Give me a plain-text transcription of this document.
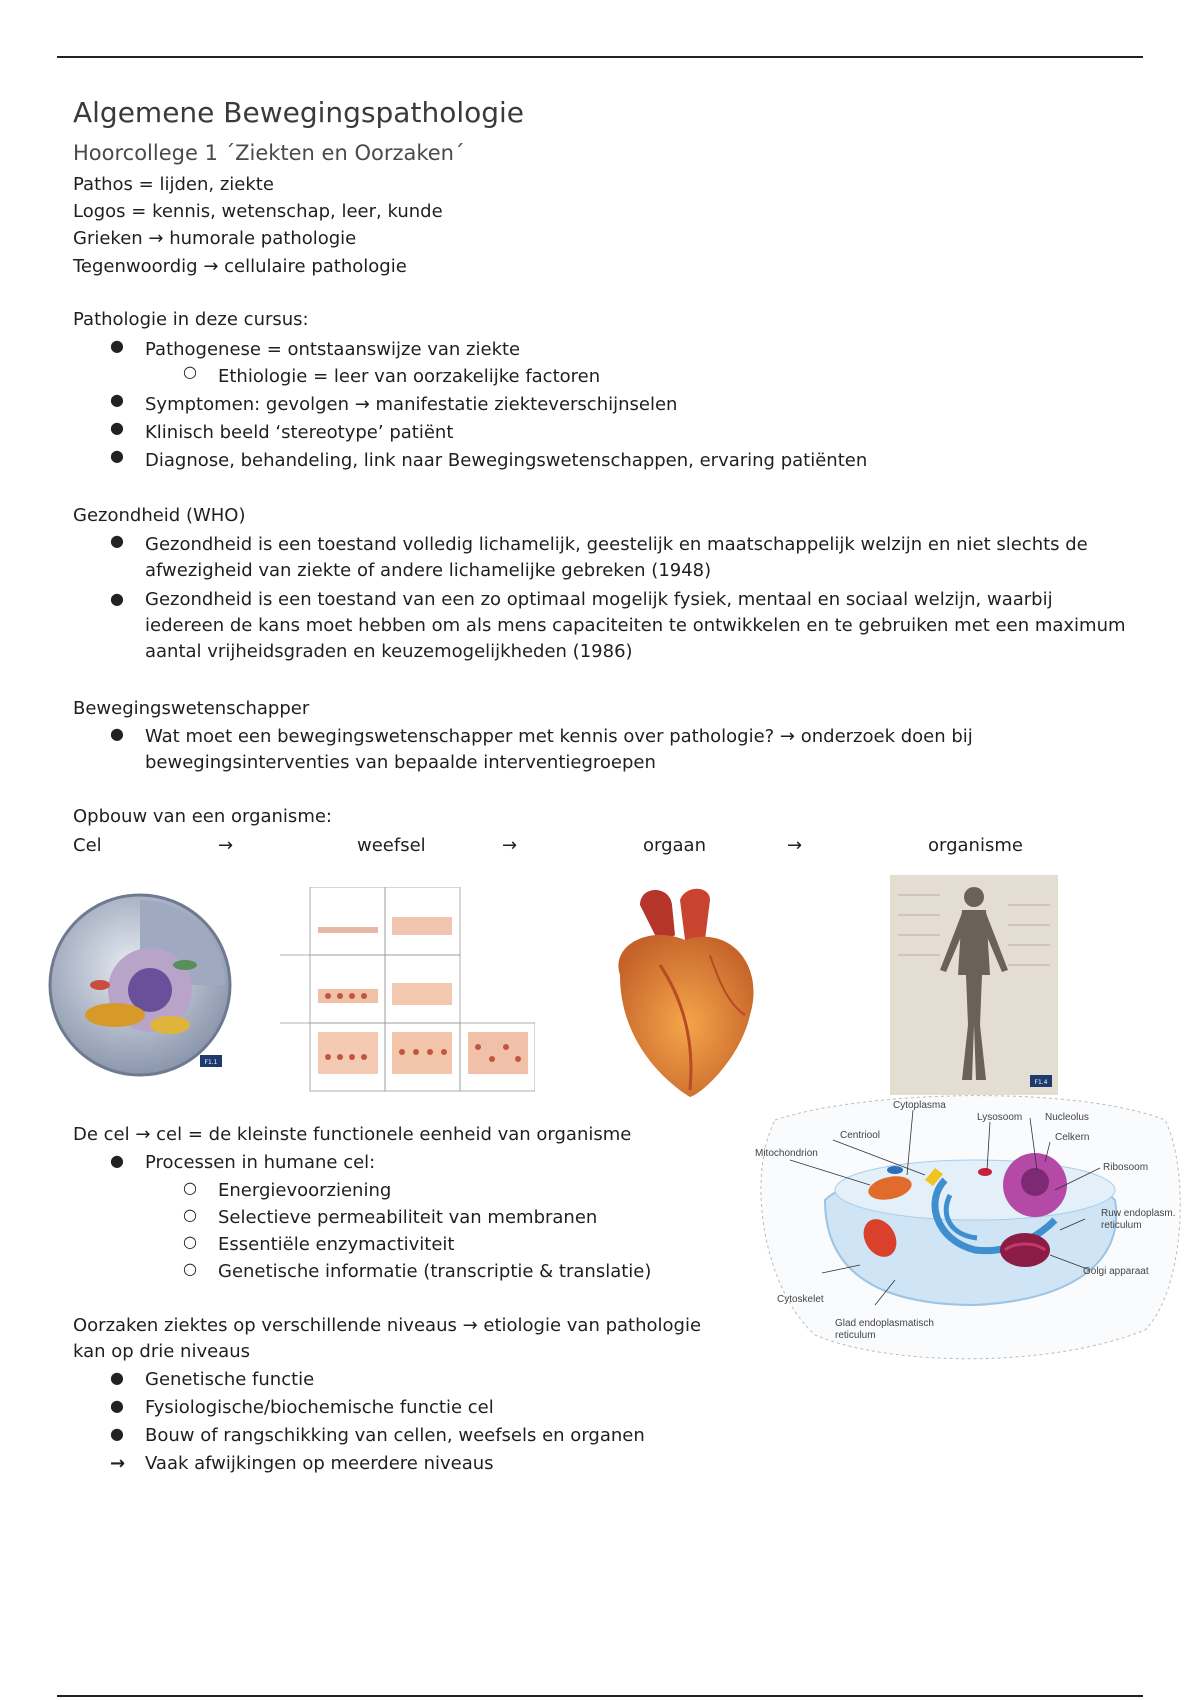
Algemene Bewegingspathologie
Hoorcollege 1 ´Ziekten en Oorzaken´
Pathos = lijden, ziekte
Logos = kennis, wetenschap, leer, kunde
Grieken → humorale pathologie
Tegenwoordig → cellulaire pathologie
Pathologie in deze cursus:
● Pathogenese = ontstaanswijze van ziekte
○ Ethiologie = leer van oorzakelijke factoren
● Symptomen: gevolgen → manifestatie ziekteverschijnselen
● Klinisch beeld ‘stereotype’ patiënt
● Diagnose, behandeling, link naar Bewegingswetenschappen, ervaring patiënten
Gezondheid (WHO)
● Gezondheid is een toestand volledig lichamelijk, geestelijk en maatschappelijk welzijn en niet slechts de afwezigheid van ziekte of andere lichamelijke gebreken (1948)
● Gezondheid is een toestand van een zo optimaal mogelijk fysiek, mentaal en sociaal welzijn, waarbij iedereen de kans moet hebben om als mens capaciteiten te ontwikkelen en te gebruiken met een maximum aantal vrijheidsgraden en keuzemogelijkheden (1986)
Bewegingswetenschapper
● Wat moet een bewegingswetenschapper met kennis over pathologie? → onderzoek doen bij bewegingsinterventies van bepaalde interventiegroepen
Opbouw van een organisme:
Cel	→	weefsel	→	orgaan	→	organisme
F1.1
F1.4
De cel → cel = de kleinste functionele eenheid van organisme
● Processen in humane cel:
○ Energievoorziening
○ Selectieve permeabiliteit van membranen
○ Essentiële enzymactiviteit
○ Genetische informatie (transcriptie & translatie)
Cytoplasma
Lysosoom Nucleolus
Centriool	Celkern
Mitochondrion
Ribosoom
Ruw endoplasm.
reticulum
Golgi apparaat
Cytoskelet
Glad endoplasmatisch
reticulum
Oorzaken ziektes op verschillende niveaus → etiologie van pathologie
kan op drie niveaus
● Genetische functie
● Fysiologische/biochemische functie cel
● Bouw of rangschikking van cellen, weefsels en organen
→ Vaak afwijkingen op meerdere niveaus
